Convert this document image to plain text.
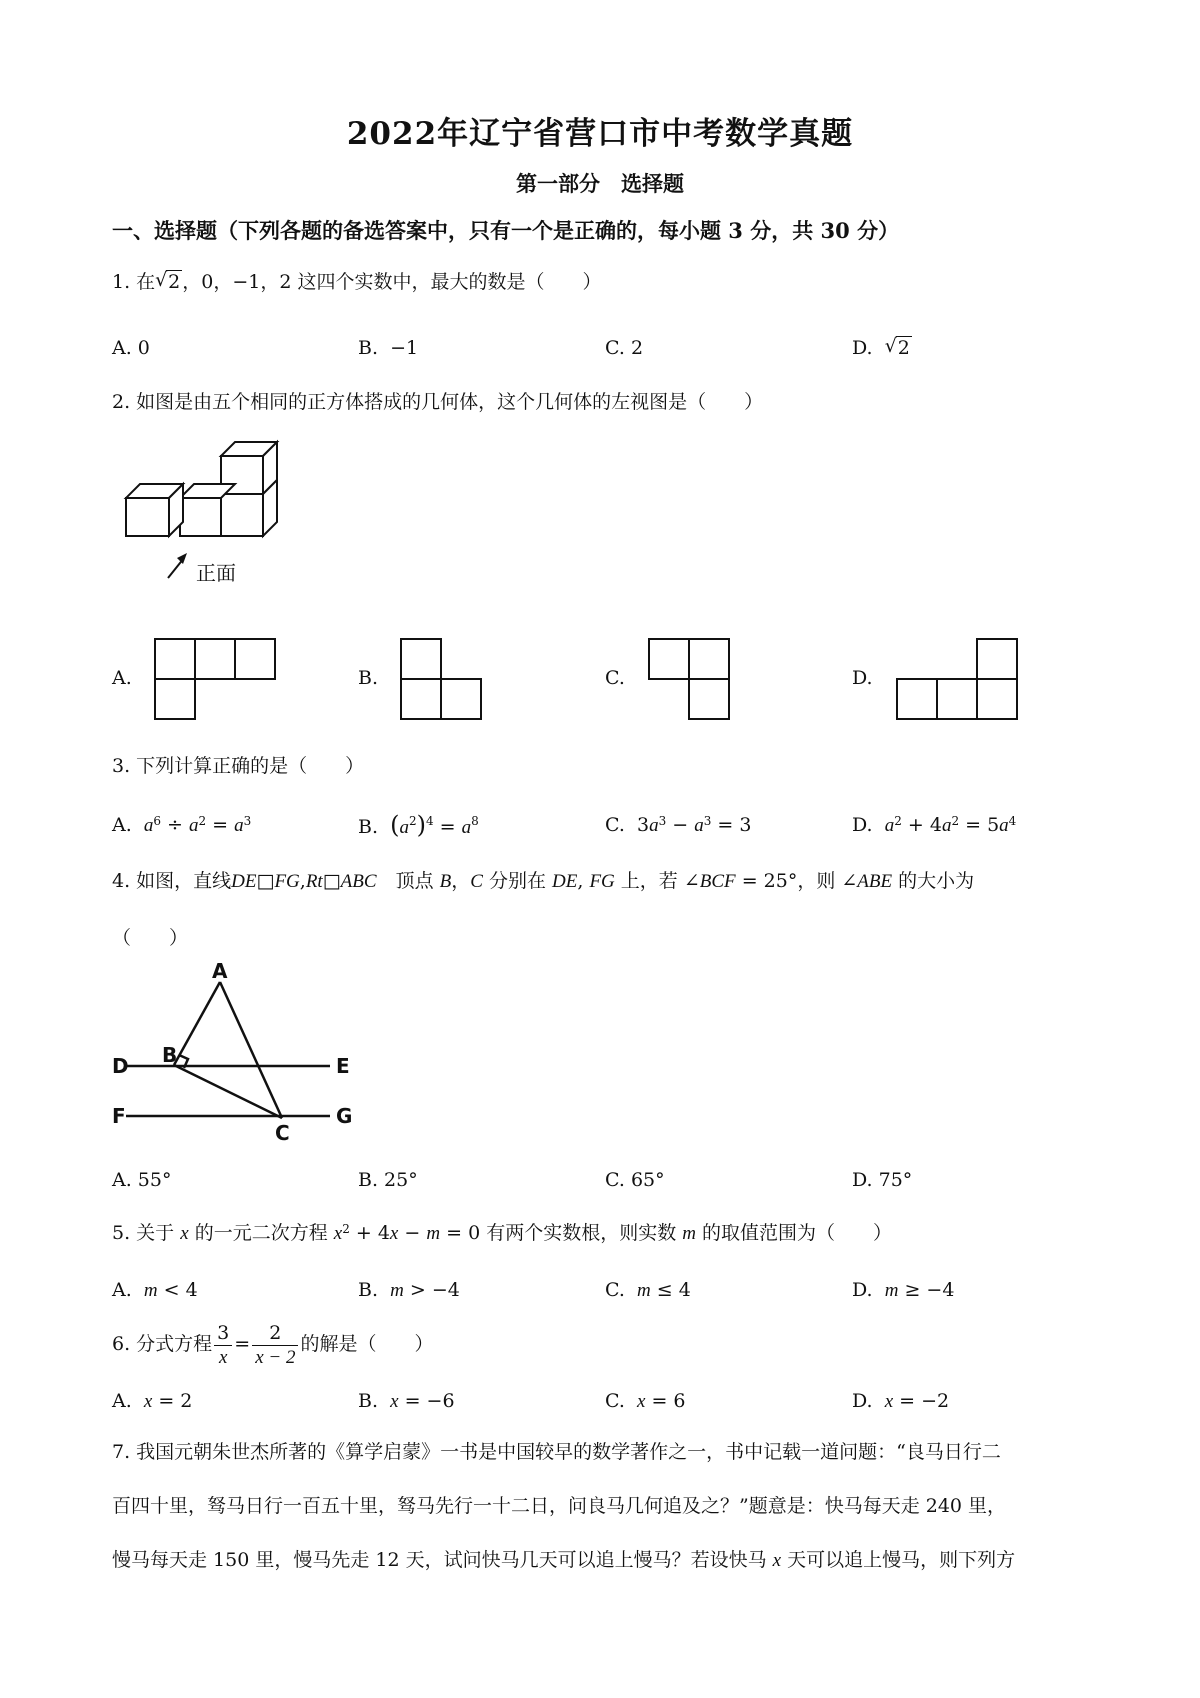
2022年辽宁省营口市中考数学真题
第一部分　选择题
一、选择题（下列各题的备选答案中，只有一个是正确的，每小题 3 分，共 30 分）
1. 在 √ 2 ，0，−1，2 这四个实数中，最大的数是（　　）
A. 0	B. −1	C. 2	D. √ 2
2. 如图是由五个相同的正方体搭成的几何体，这个几何体的左视图是（　　）
正面
A.	B.	C.	D.
3. 下列计算正确的是（　　）
A. $a^6 \div a^2 = a^3$	B. $(a^2)^4 = a^8$	C. $3a^3 - a^3 = 3$	D. $a^2 + 4a^2 = 5a^4$
4. 如图，直线DE□FG,Rt□ABC　顶点 B，C 分别在 DE, FG 上，若 ∠BCF = 25°，则 ∠ABE 的大小为
（　　）
A
B
C
D	E
F	G
A. 55°	B. 25°	C. 65°	D. 75°
5. 关于 x 的一元二次方程 $x^2 + 4x - m = 0$ 有两个实数根，则实数 m 的取值范围为（　　）
A. m < 4	B. m > −4	C. m ≤ 4	D. m ≥ −4
6. 分式方程 $\frac{3}{x} = \frac{2}{x - 2}$ 的解是（　　）
A. x = 2	B. x = −6	C. x = 6	D. x = −2
7. 我国元朝朱世杰所著的《算学启蒙》一书是中国较早的数学著作之一，书中记载一道问题：“良马日行二
百四十里，驽马日行一百五十里，驽马先行一十二日，问良马几何追及之？”题意是：快马每天走 240 里，
慢马每天走 150 里，慢马先走 12 天，试问快马几天可以追上慢马？若设快马 x 天可以追上慢马，则下列方
